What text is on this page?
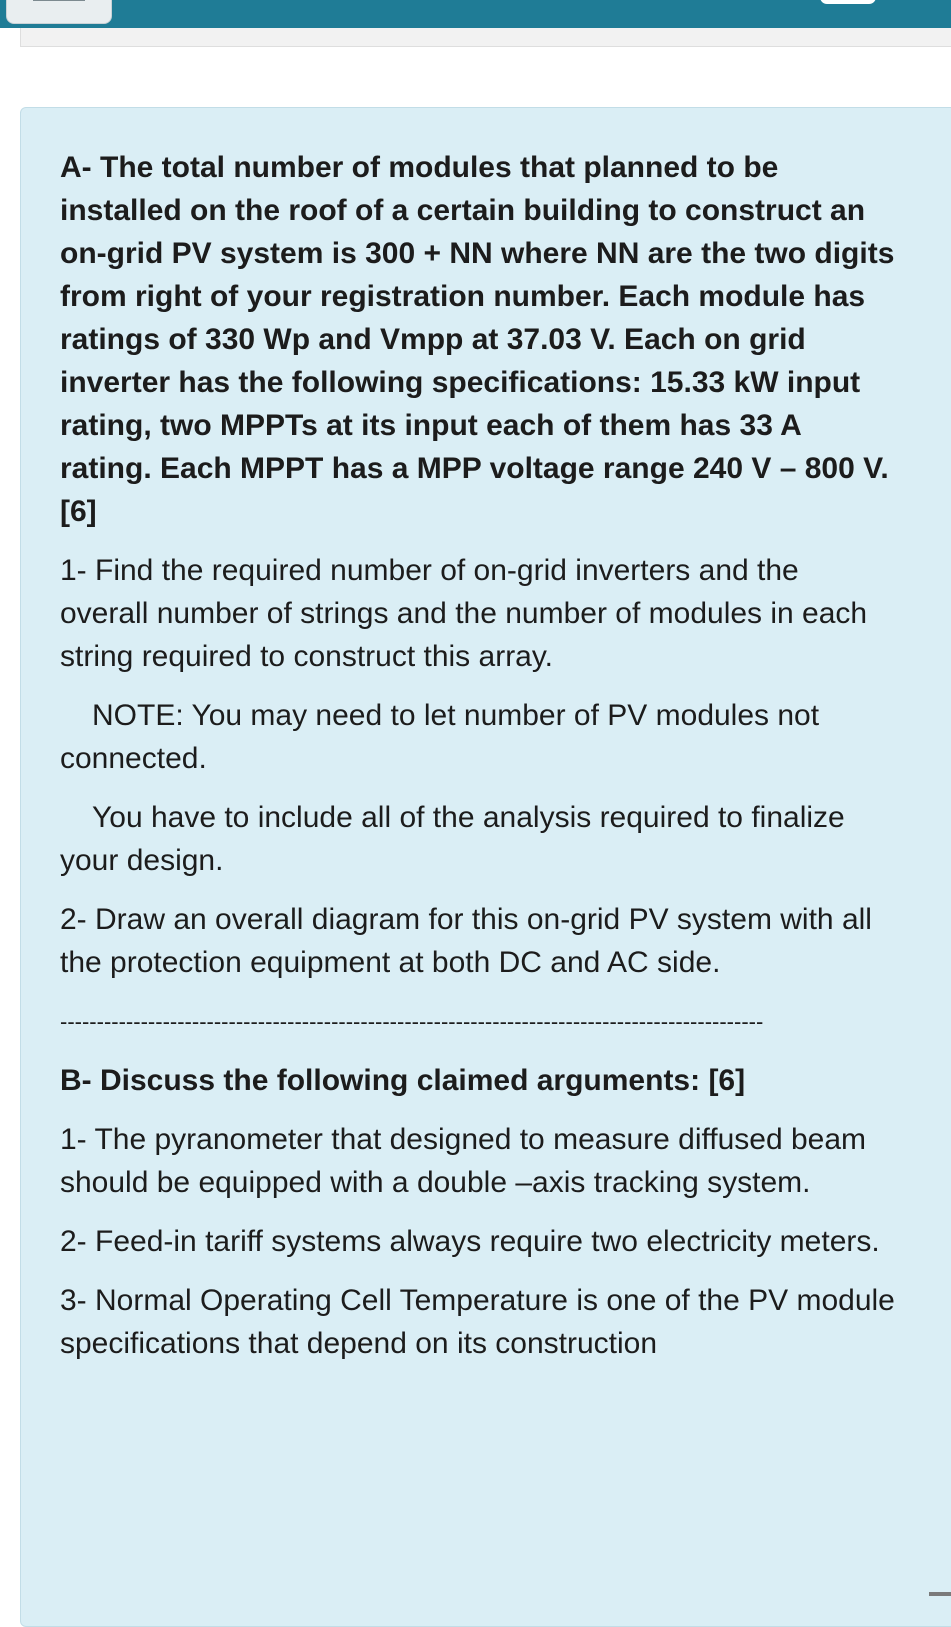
A- The total number of modules that planned to be installed on the roof of a certain building to construct an on-grid PV system is 300 + NN where NN are the two digits from right of your registration number. Each module has ratings of 330 Wp and Vmpp at 37.03 V. Each on grid inverter has the following specifications: 15.33 kW input rating, two MPPTs at its input each of them has 33 A rating. Each MPPT has a MPP voltage range 240 V – 800 V. [6]

1- Find the required number of on-grid inverters and the overall number of strings and the number of modules in each string required to construct this array.

NOTE: You may need to let number of PV modules not connected.

You have to include all of the analysis required to finalize your design.

2- Draw an overall diagram for this on-grid PV system with all the protection equipment at both DC and AC side.

------------------------------------------------------------------------------------------------

B- Discuss the following claimed arguments: [6]

1- The pyranometer that designed to measure diffused beam should be equipped with a double –axis tracking system.

2- Feed-in tariff systems always require two electricity meters.

3- Normal Operating Cell Temperature is one of the PV module specifications that depend on its construction
